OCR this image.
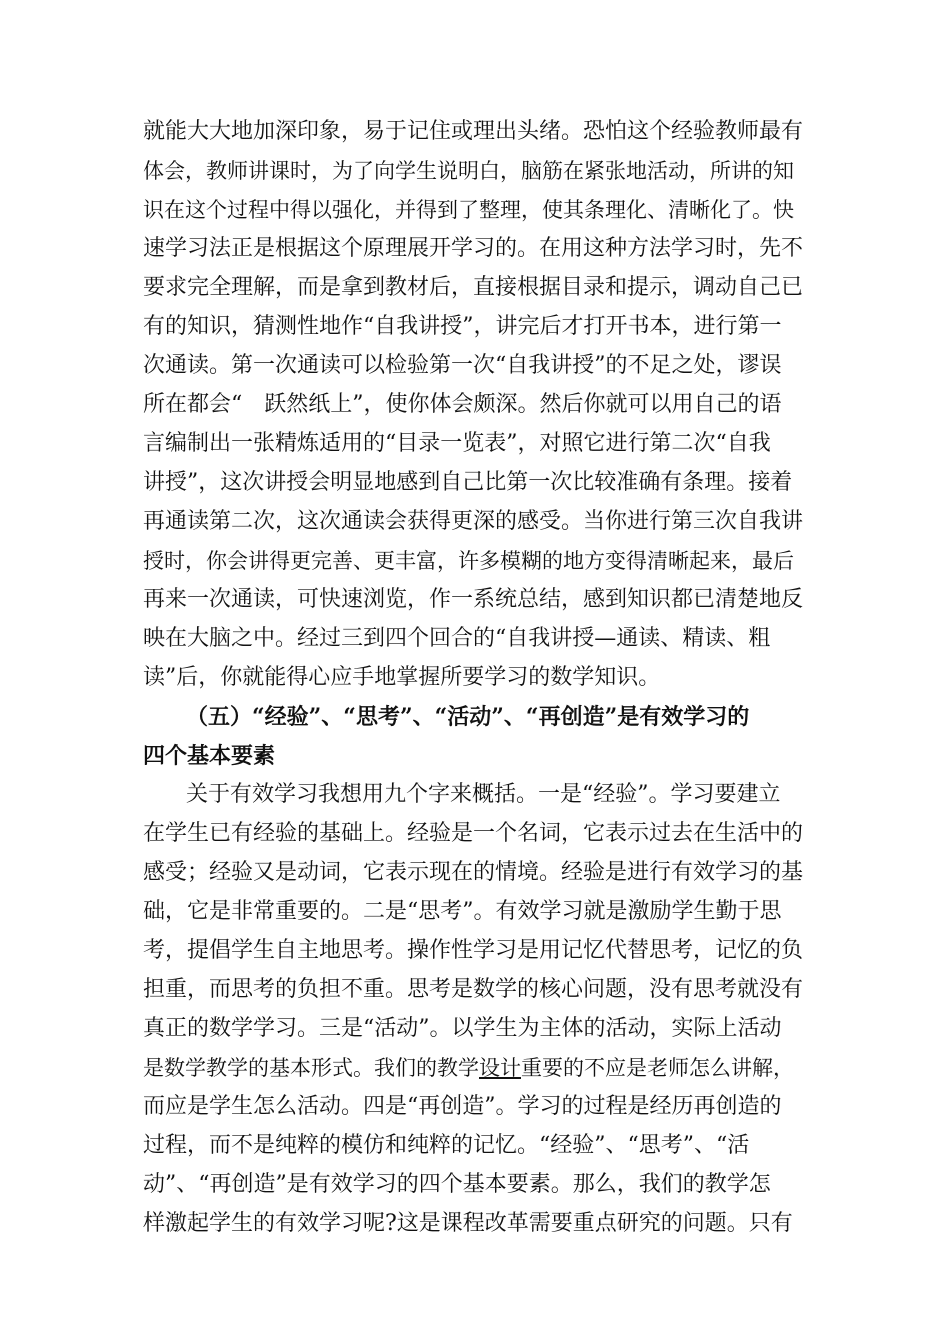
就能大大地加深印象，易于记住或理出头绪。恐怕这个经验教师最有
体会，教师讲课时，为了向学生说明白，脑筋在紧张地活动，所讲的知
识在这个过程中得以强化，并得到了整理，使其条理化、清晰化了。快
速学习法正是根据这个原理展开学习的。在用这种方法学习时，先不
要求完全理解，而是拿到教材后，直接根据目录和提示，调动自己已
有的知识，猜测性地作“自我讲授”，讲完后才打开书本，进行第一
次通读。第一次通读可以检验第一次“自我讲授”的不足之处，谬误
所在都会“　跃然纸上”，使你体会颇深。然后你就可以用自己的语
言编制出一张精炼适用的“目录一览表”，对照它进行第二次“自我
讲授”，这次讲授会明显地感到自己比第一次比较准确有条理。接着
再通读第二次，这次通读会获得更深的感受。当你进行第三次自我讲
授时，你会讲得更完善、更丰富，许多模糊的地方变得清晰起来，最后
再来一次通读，可快速浏览，作一系统总结，感到知识都已清楚地反
映在大脑之中。经过三到四个回合的“自我讲授—通读、精读、粗
读”后，你就能得心应手地掌握所要学习的数学知识。
（五）“经验”、“思考”、“活动”、“再创造”是有效学习的
四个基本要素
关于有效学习我想用九个字来概括。一是“经验”。学习要建立
在学生已有经验的基础上。经验是一个名词，它表示过去在生活中的
感受；经验又是动词，它表示现在的情境。经验是进行有效学习的基
础，它是非常重要的。二是“思考”。有效学习就是激励学生勤于思
考，提倡学生自主地思考。操作性学习是用记忆代替思考，记忆的负
担重，而思考的负担不重。思考是数学的核心问题，没有思考就没有
真正的数学学习。三是“活动”。以学生为主体的活动，实际上活动
是数学教学的基本形式。我们的教学设计重要的不应是老师怎么讲解，
而应是学生怎么活动。四是“再创造”。学习的过程是经历再创造的
过程，而不是纯粹的模仿和纯粹的记忆。“经验”、“思考”、“活
动”、“再创造”是有效学习的四个基本要素。那么，我们的教学怎
样激起学生的有效学习呢?这是课程改革需要重点研究的问题。只有
